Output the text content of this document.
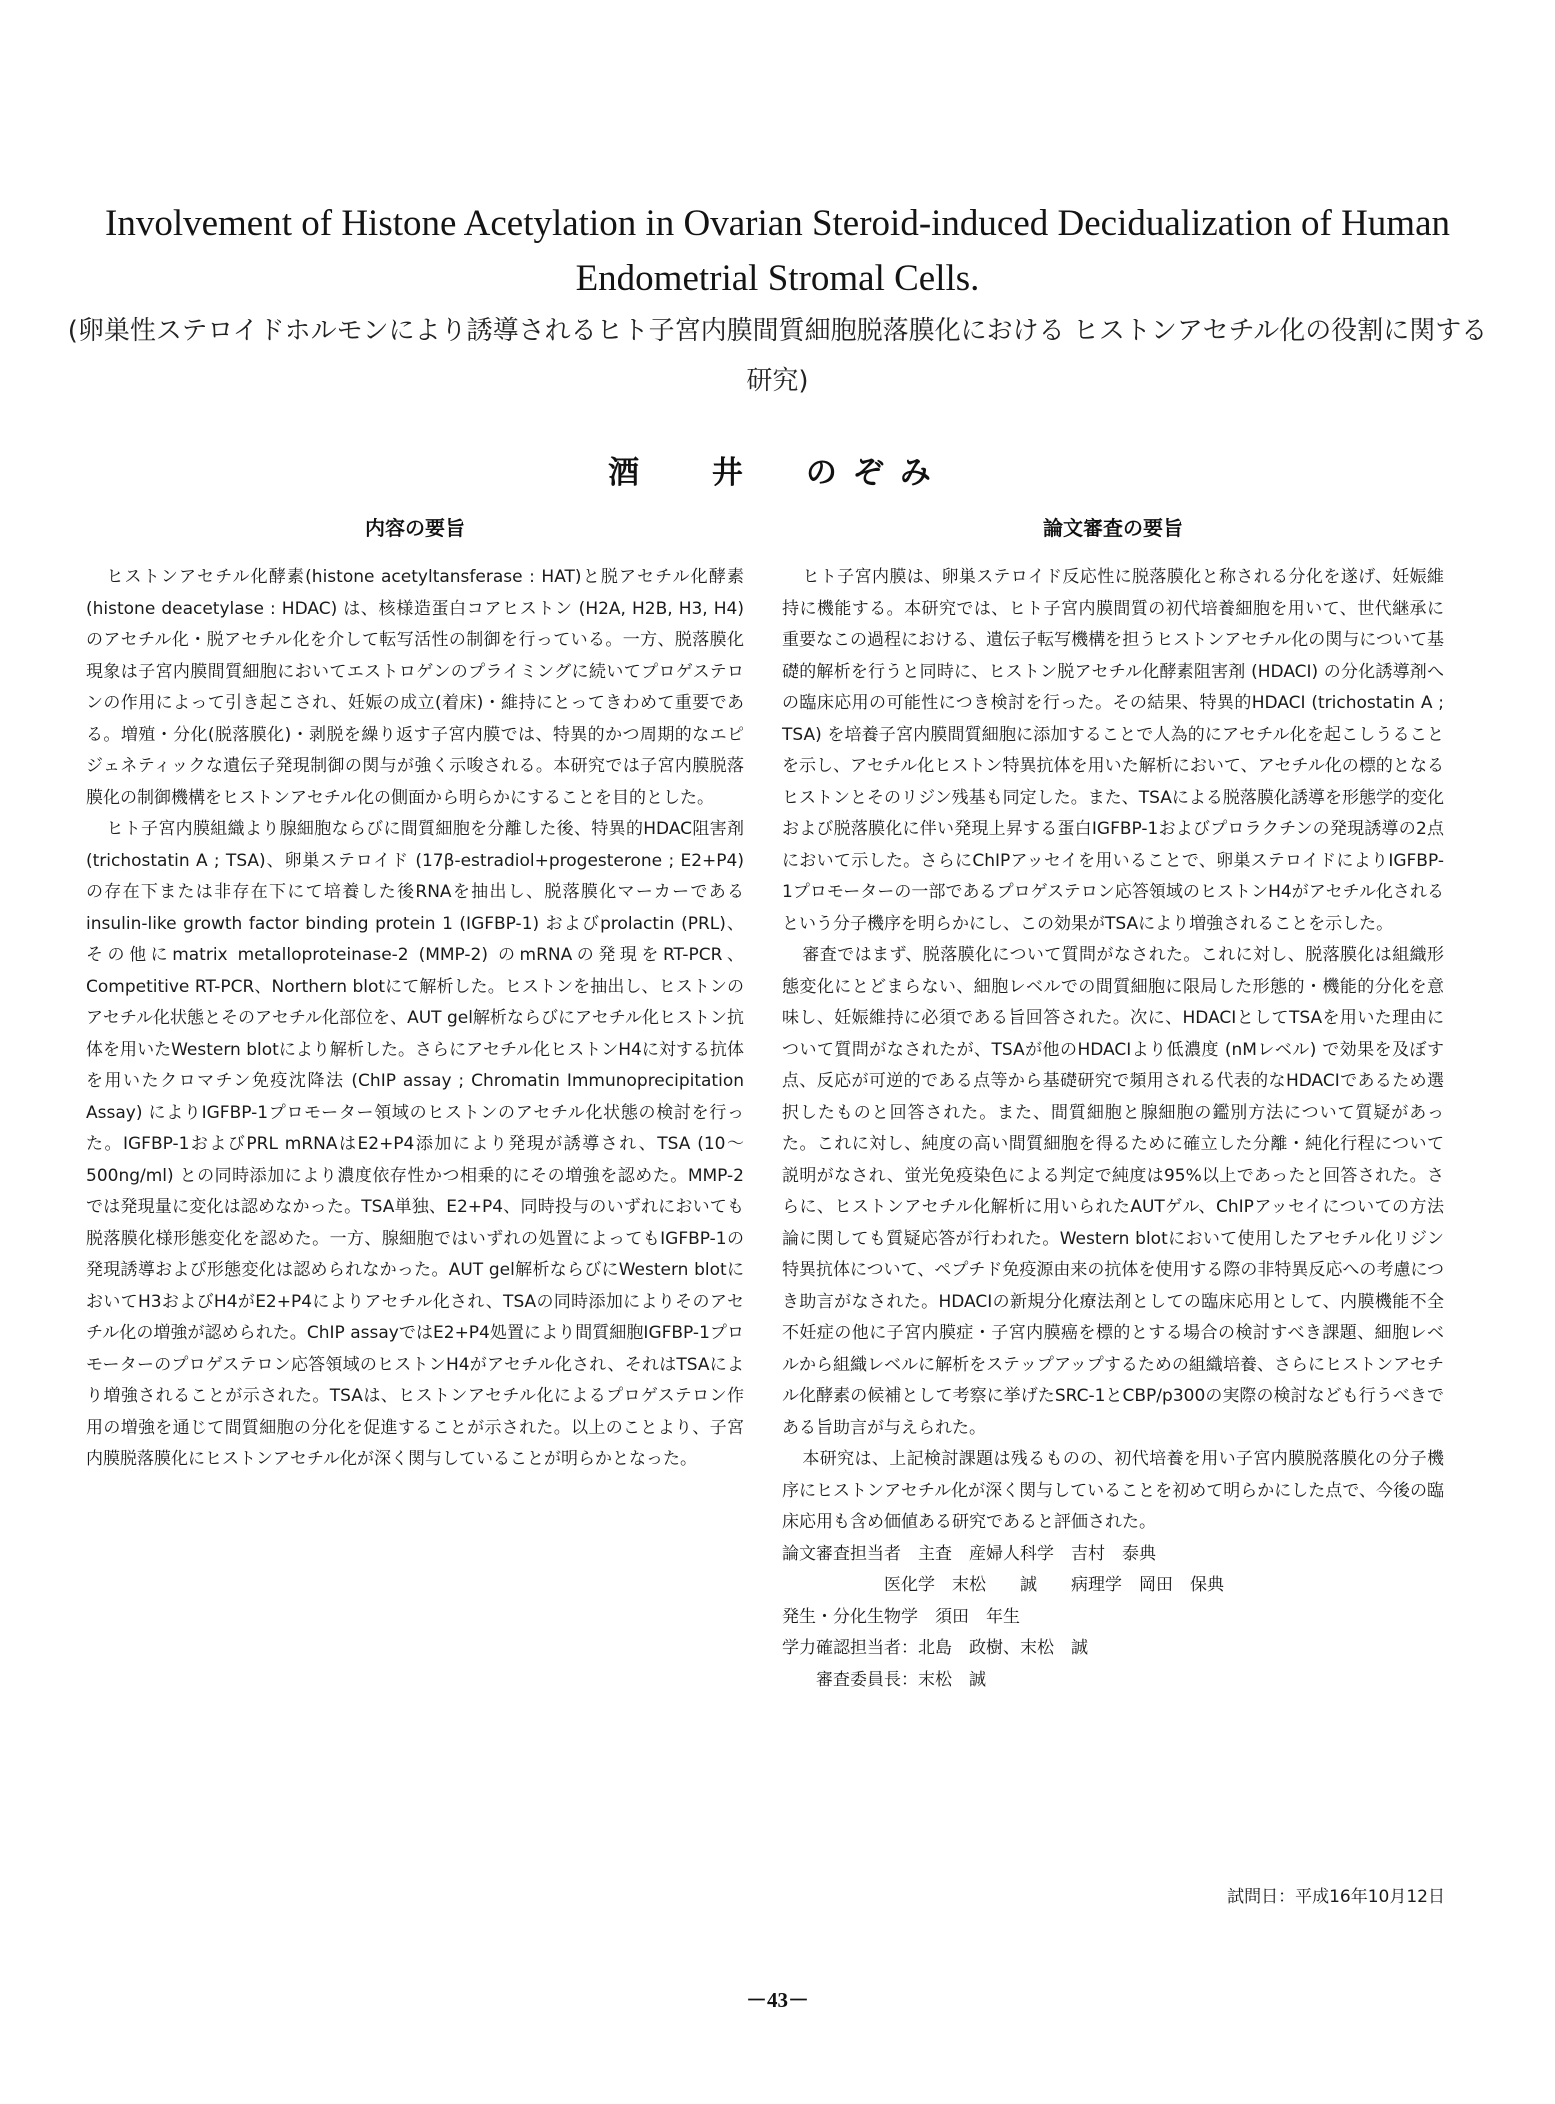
Involvement of Histone Acetylation in Ovarian Steroid-induced Decidualization of Human Endometrial Stromal Cells.
(卵巣性ステロイドホルモンにより誘導されるヒト子宮内膜間質細胞脱落膜化における ヒストンアセチル化の役割に関する研究)
酒 井　のぞみ
内容の要旨

ヒストンアセチル化酵素(histone acetyltansferase : HAT)と脱アセチル化酵素 (histone deacetylase : HDAC) は、核様造蛋白コアヒストン (H2A, H2B, H3, H4) のアセチル化・脱アセチル化を介して転写活性の制御を行っている。一方、脱落膜化現象は子宮内膜間質細胞においてエストロゲンのプライミングに続いてプロゲステロンの作用によって引き起こされ、妊娠の成立(着床)・維持にとってきわめて重要である。増殖・分化(脱落膜化)・剥脱を繰り返す子宮内膜では、特異的かつ周期的なエピジェネティックな遺伝子発現制御の関与が強く示唆される。本研究では子宮内膜脱落膜化の制御機構をヒストンアセチル化の側面から明らかにすることを目的とした。

ヒト子宮内膜組織より腺細胞ならびに間質細胞を分離した後、特異的HDAC阻害剤 (trichostatin A ; TSA)、卵巣ステロイド (17β-estradiol+progesterone ; E2+P4) の存在下または非存在下にて培養した後RNAを抽出し、脱落膜化マーカーであるinsulin-like growth factor binding protein 1 (IGFBP-1) およびprolactin (PRL)、その他にmatrix metalloproteinase-2 (MMP-2) のmRNAの発現をRT-PCR、Competitive RT-PCR、Northern blotにて解析した。ヒストンを抽出し、ヒストンのアセチル化状態とそのアセチル化部位を、AUT gel解析ならびにアセチル化ヒストン抗体を用いたWestern blotにより解析した。さらにアセチル化ヒストンH4に対する抗体を用いたクロマチン免疫沈降法 (ChIP assay ; Chromatin Immunoprecipitation Assay) によりIGFBP-1プロモーター領域のヒストンのアセチル化状態の検討を行った。IGFBP-1およびPRL mRNAはE2+P4添加により発現が誘導され、TSA (10～500ng/ml) との同時添加により濃度依存性かつ相乗的にその増強を認めた。MMP-2では発現量に変化は認めなかった。TSA単独、E2+P4、同時投与のいずれにおいても脱落膜化様形態変化を認めた。一方、腺細胞ではいずれの処置によってもIGFBP-1の発現誘導および形態変化は認められなかった。AUT gel解析ならびにWestern blotにおいてH3およびH4がE2+P4によりアセチル化され、TSAの同時添加によりそのアセチル化の増強が認められた。ChIP assayではE2+P4処置により間質細胞IGFBP-1プロモーターのプロゲステロン応答領域のヒストンH4がアセチル化され、それはTSAにより増強されることが示された。TSAは、ヒストンアセチル化によるプロゲステロン作用の増強を通じて間質細胞の分化を促進することが示された。以上のことより、子宮内膜脱落膜化にヒストンアセチル化が深く関与していることが明らかとなった。

論文審査の要旨

ヒト子宮内膜は、卵巣ステロイド反応性に脱落膜化と称される分化を遂げ、妊娠維持に機能する。本研究では、ヒト子宮内膜間質の初代培養細胞を用いて、世代継承に重要なこの過程における、遺伝子転写機構を担うヒストンアセチル化の関与について基礎的解析を行うと同時に、ヒストン脱アセチル化酵素阻害剤 (HDACI) の分化誘導剤への臨床応用の可能性につき検討を行った。その結果、特異的HDACI (trichostatin A ; TSA) を培養子宮内膜間質細胞に添加することで人為的にアセチル化を起こしうることを示し、アセチル化ヒストン特異抗体を用いた解析において、アセチル化の標的となるヒストンとそのリジン残基も同定した。また、TSAによる脱落膜化誘導を形態学的変化および脱落膜化に伴い発現上昇する蛋白IGFBP-1およびプロラクチンの発現誘導の2点において示した。さらにChIPアッセイを用いることで、卵巣ステロイドによりIGFBP-1プロモーターの一部であるプロゲステロン応答領域のヒストンH4がアセチル化されるという分子機序を明らかにし、この効果がTSAにより増強されることを示した。

審査ではまず、脱落膜化について質問がなされた。これに対し、脱落膜化は組織形態変化にとどまらない、細胞レベルでの間質細胞に限局した形態的・機能的分化を意味し、妊娠維持に必須である旨回答された。次に、HDACIとしてTSAを用いた理由について質問がなされたが、TSAが他のHDACIより低濃度 (nMレベル) で効果を及ぼす点、反応が可逆的である点等から基礎研究で頻用される代表的なHDACIであるため選択したものと回答された。また、間質細胞と腺細胞の鑑別方法について質疑があった。これに対し、純度の高い間質細胞を得るために確立した分離・純化行程について説明がなされ、蛍光免疫染色による判定で純度は95%以上であったと回答された。さらに、ヒストンアセチル化解析に用いられたAUTゲル、ChIPアッセイについての方法論に関しても質疑応答が行われた。Western blotにおいて使用したアセチル化リジン特異抗体について、ペプチド免疫源由来の抗体を使用する際の非特異反応への考慮につき助言がなされた。HDACIの新規分化療法剤としての臨床応用として、内膜機能不全不妊症の他に子宮内膜症・子宮内膜癌を標的とする場合の検討すべき課題、細胞レベルから組織レベルに解析をステップアップするための組織培養、さらにヒストンアセチル化酵素の候補として考察に挙げたSRC-1とCBP/p300の実際の検討なども行うべきである旨助言が与えられた。

本研究は、上記検討課題は残るものの、初代培養を用い子宮内膜脱落膜化の分子機序にヒストンアセチル化が深く関与していることを初めて明らかにした点で、今後の臨床応用も含め価値ある研究であると評価された。

論文審査担当者　主査　産婦人科学　吉村　泰典
　　　　　　医化学　末松　　誠　　病理学　岡田　保典
発生・分化生物学　須田　年生
学力確認担当者：北島　政樹、末松　誠
　　審査委員長：末松　誠
試問日：平成16年10月12日
－43－
